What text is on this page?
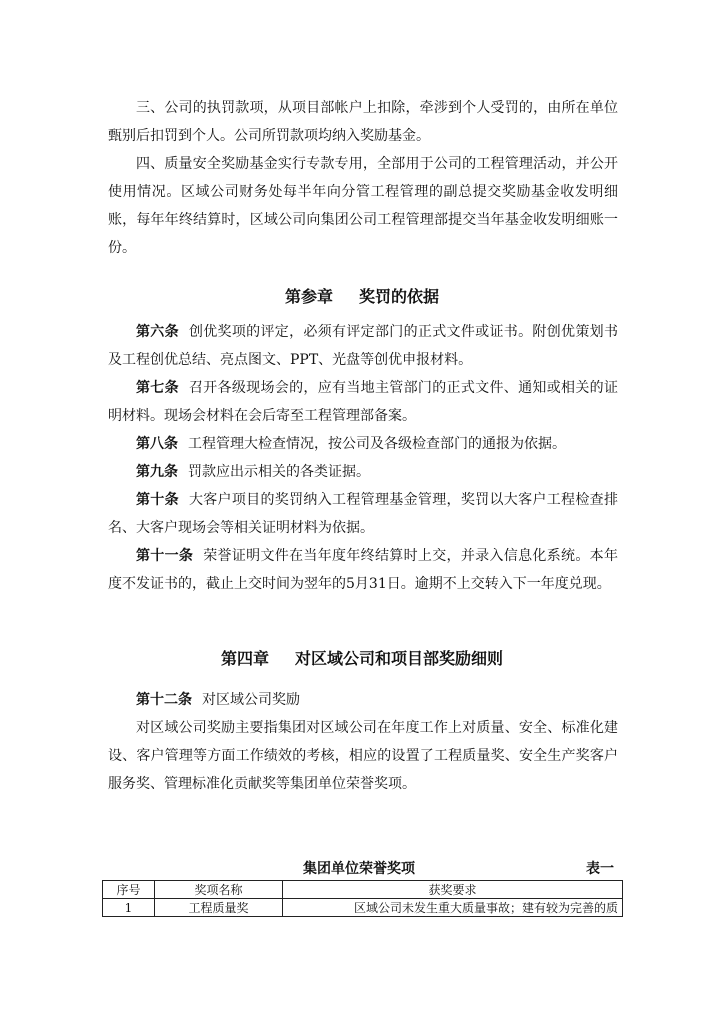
三、公司的执罚款项，从项目部帐户上扣除，牵涉到个人受罚的，由所在单位甄别后扣罚到个人。公司所罚款项均纳入奖励基金。

四、质量安全奖励基金实行专款专用，全部用于公司的工程管理活动，并公开使用情况。区域公司财务处每半年向分管工程管理的副总提交奖励基金收发明细账，每年年终结算时，区域公司向集团公司工程管理部提交当年基金收发明细账一份。

第参章 奖罚的依据

第六条 创优奖项的评定，必须有评定部门的正式文件或证书。附创优策划书及工程创优总结、亮点图文、PPT、光盘等创优申报材料。

第七条 召开各级现场会的，应有当地主管部门的正式文件、通知或相关的证明材料。现场会材料在会后寄至工程管理部备案。

第八条 工程管理大检查情况，按公司及各级检查部门的通报为依据。

第九条 罚款应出示相关的各类证据。

第十条 大客户项目的奖罚纳入工程管理基金管理，奖罚以大客户工程检查排名、大客户现场会等相关证明材料为依据。

第十一条 荣誉证明文件在当年度年终结算时上交，并录入信息化系统。本年度不发证书的，截止上交时间为翌年的5月31日。逾期不上交转入下一年度兑现。

第四章 对区域公司和项目部奖励细则

第十二条 对区域公司奖励

对区域公司奖励主要指集团对区域公司在年度工作上对质量、安全、标准化建设、客户管理等方面工作绩效的考核，相应的设置了工程质量奖、安全生产奖客户服务奖、管理标准化贡献奖等集团单位荣誉奖项。

集团单位荣誉奖项	表一
序号	奖项名称	获奖要求
1	工程质量奖	区域公司未发生重大质量事故；建有较为完善的质
